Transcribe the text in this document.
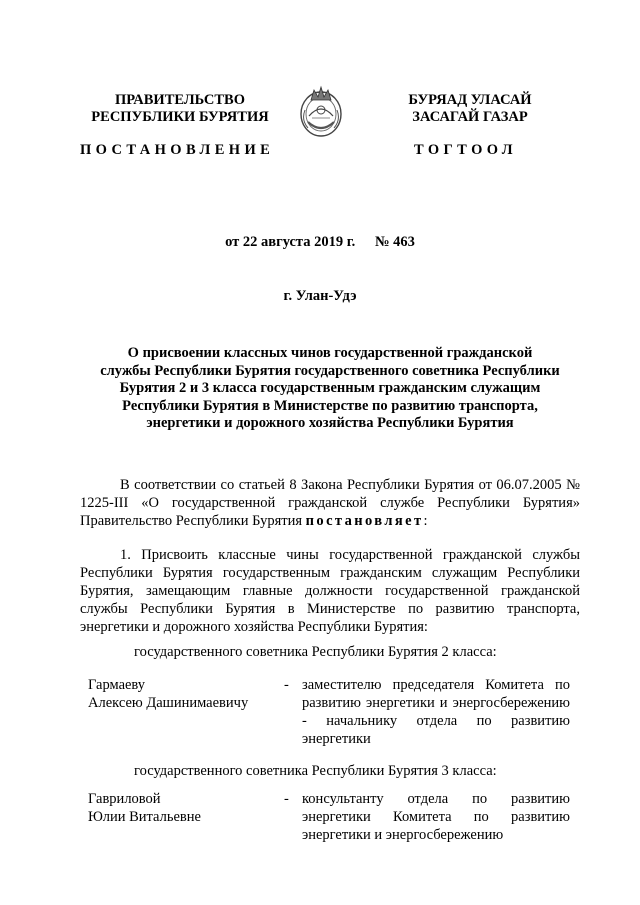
ПРАВИТЕЛЬСТВО
РЕСПУБЛИКИ БУРЯТИЯ
БУРЯАД УЛАСАЙ
ЗАСАГАЙ ГАЗАР
ПОСТАНОВЛЕНИЕ	ТОГТООЛ
от 22 августа 2019 г. № 463
г. Улан-Удэ
О присвоении классных чинов государственной гражданской
службы Республики Бурятия государственного советника Республики
Бурятия 2 и 3 класса государственным гражданским служащим
Республики Бурятия в Министерстве по развитию транспорта,
энергетики и дорожного хозяйства Республики Бурятия
В соответствии со статьей 8 Закона Республики Бурятия от 06.07.2005 № 1225-III «О государственной гражданской службе Республики Бурятия» Правительство Республики Бурятия постановляет:
1. Присвоить классные чины государственной гражданской службы Республики Бурятия государственным гражданским служащим Республики Бурятия, замещающим главные должности государственной гражданской службы Республики Бурятия в Министерстве по развитию транспорта, энергетики и дорожного хозяйства Республики Бурятия:
государственного советника Республики Бурятия 2 класса:
Гармаеву
Алексею Дашинимаевичу
- заместителю председателя Комитета по развитию энергетики и энергосбережению - начальнику отдела по развитию энергетики
государственного советника Республики Бурятия 3 класса:
Гавриловой
Юлии Витальевне
- консультанту отдела по развитию энергетики Комитета по развитию энергетики и энергосбережению
